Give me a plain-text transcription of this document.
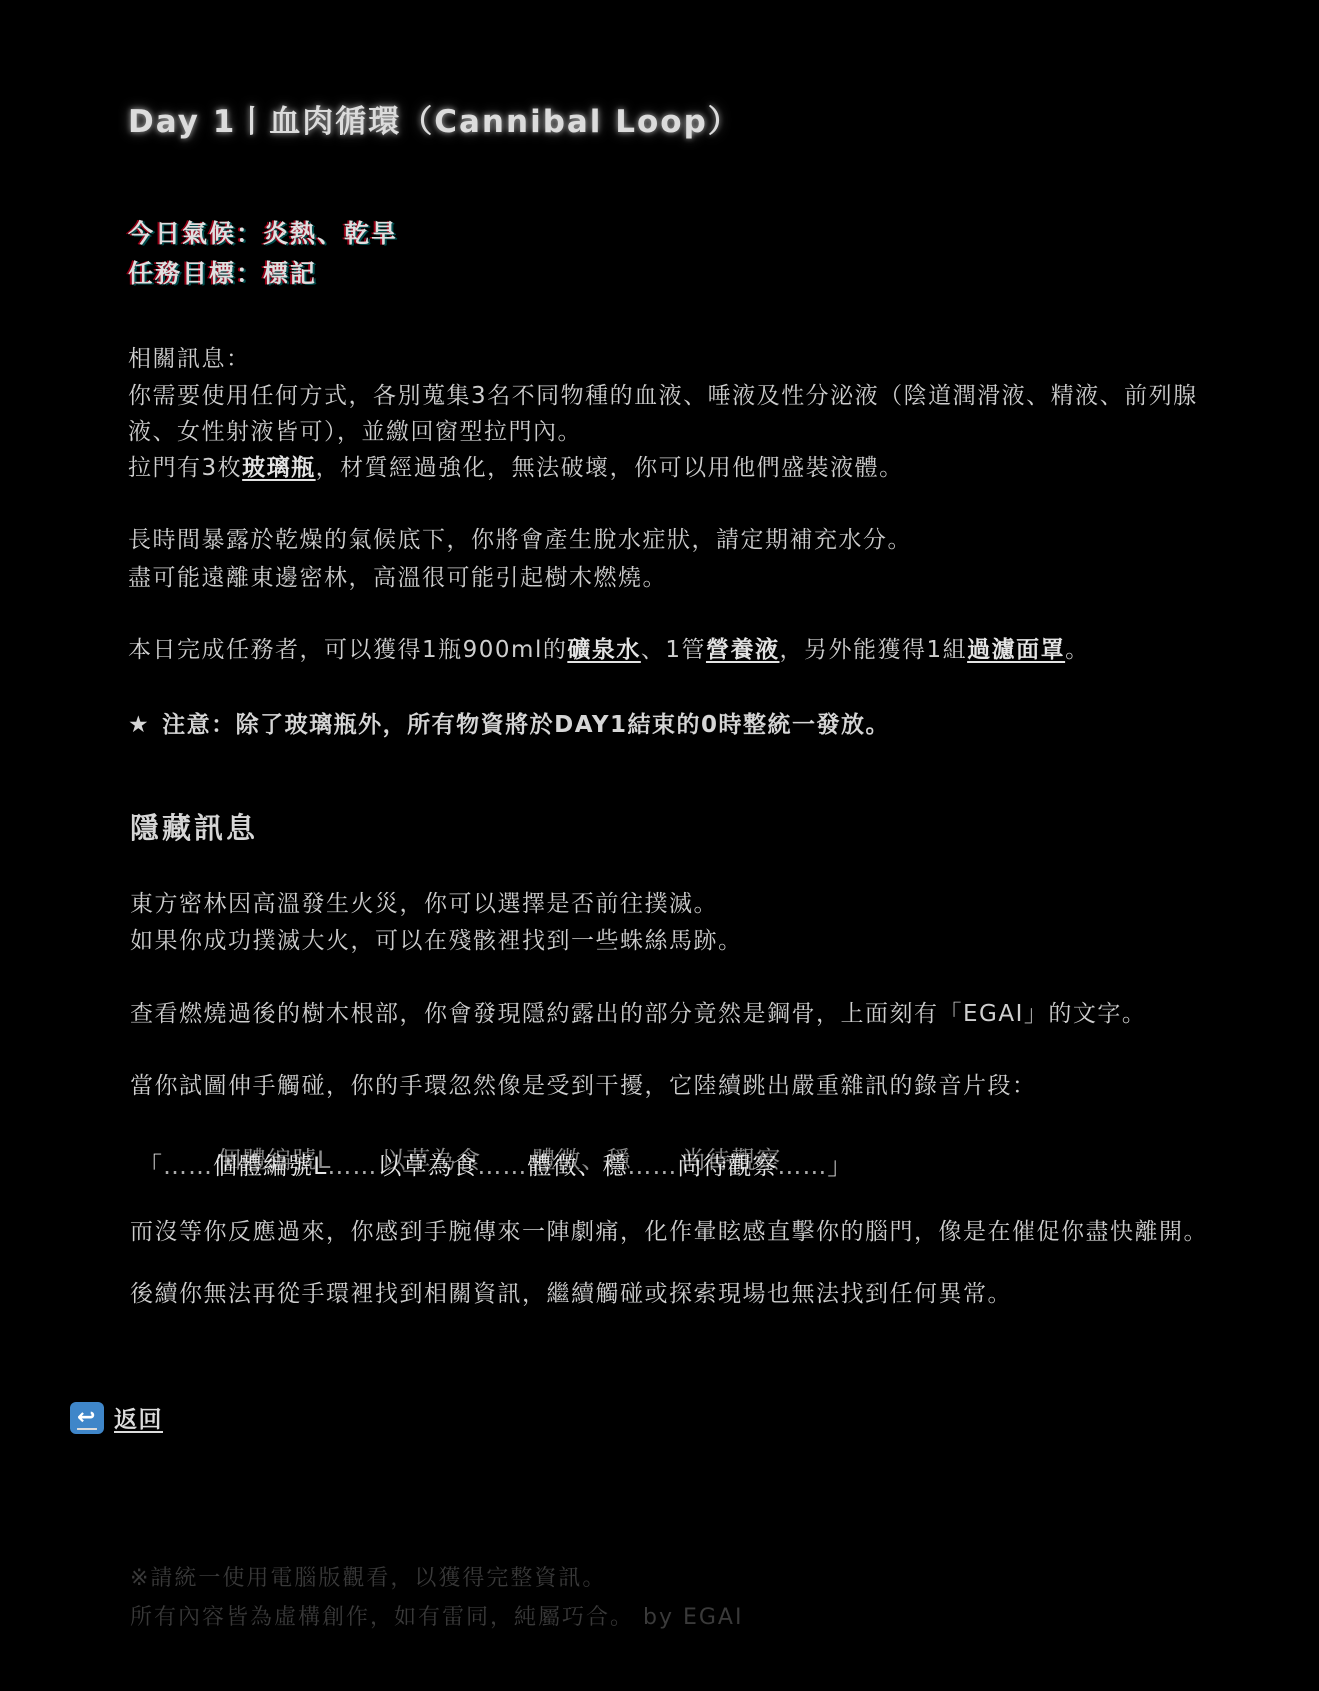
Day 1丨血肉循環（Cannibal Loop）
今日氣候：炎熱、乾旱
任務目標：標記
相關訊息：
你需要使用任何方式，各別蒐集3名不同物種的血液、唾液及性分泌液（陰道潤滑液、精液、前列腺液、女性射液皆可），並繳回窗型拉門內。
拉門有3枚玻璃瓶，材質經過強化，無法破壞，你可以用他們盛裝液體。
長時間暴露於乾燥的氣候底下，你將會產生脫水症狀，請定期補充水分。
盡可能遠離東邊密林，高溫很可能引起樹木燃燒。
本日完成任務者，可以獲得1瓶900ml的礦泉水、1管營養液，另外能獲得1組過濾面罩。
★ 注意：除了玻璃瓶外，所有物資將於DAY1結束的0時整統一發放。
隱藏訊息
東方密林因高溫發生火災，你可以選擇是否前往撲滅。
如果你成功撲滅大火，可以在殘骸裡找到一些蛛絲馬跡。
查看燃燒過後的樹木根部，你會發現隱約露出的部分竟然是鋼骨，上面刻有「EGAI」的文字。
當你試圖伸手觸碰，你的手環忽然像是受到干擾，它陸續跳出嚴重雜訊的錄音片段：
「……個體編號L 個體編號L……以草為食 以草為食……體徵、穩 體徵、穩……尚待觀察 尚待觀察……」
而沒等你反應過來，你感到手腕傳來一陣劇痛，化作暈眩感直擊你的腦門，像是在催促你盡快離開。
後續你無法再從手環裡找到相關資訊，繼續觸碰或探索現場也無法找到任何異常。
↩ 返回
※請統一使用電腦版觀看，以獲得完整資訊。
所有內容皆為虛構創作，如有雷同，純屬巧合。 by EGAI
